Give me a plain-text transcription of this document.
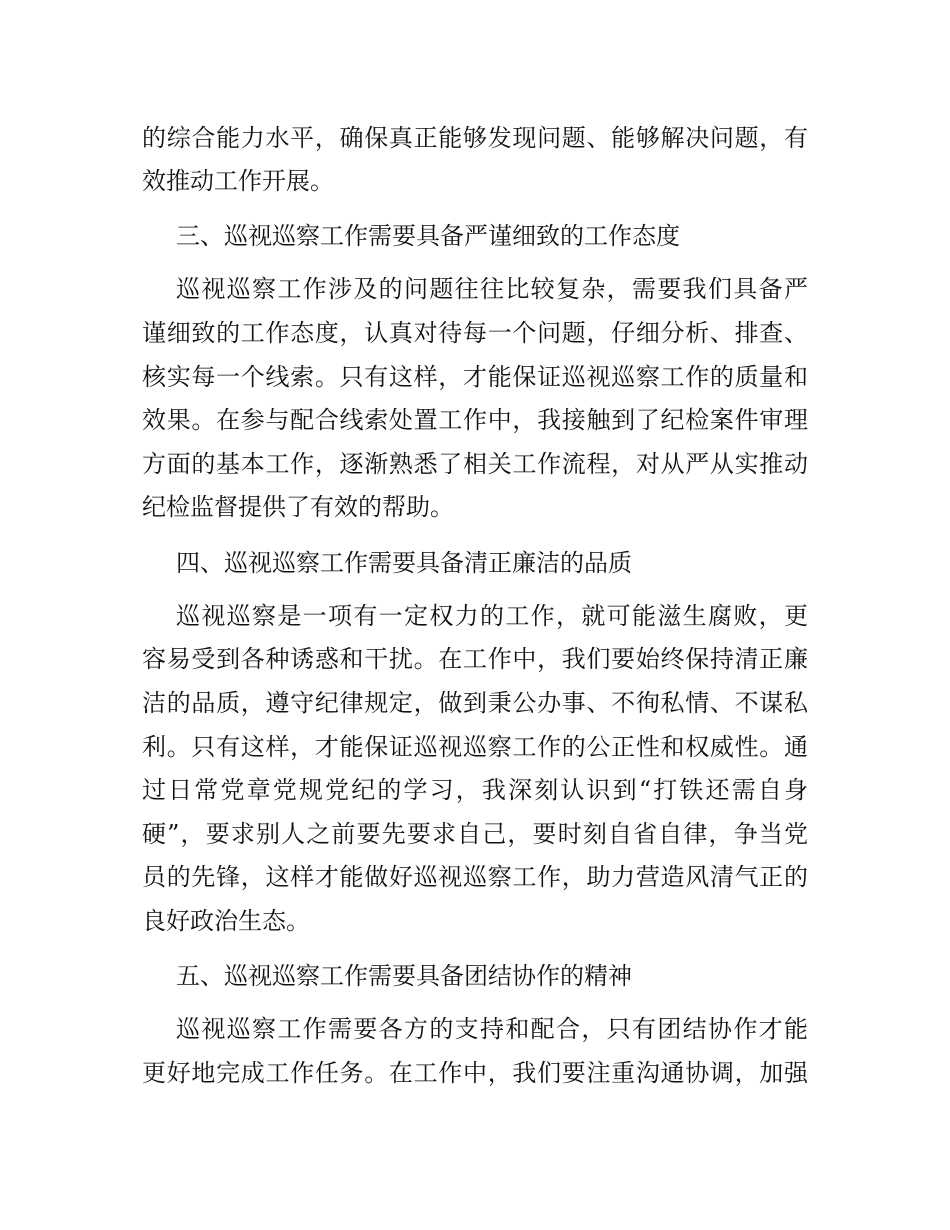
的综合能力水平，确保真正能够发现问题、能够解决问题，有
效推动工作开展。
三、巡视巡察工作需要具备严谨细致的工作态度
巡视巡察工作涉及的问题往往比较复杂，需要我们具备严
谨细致的工作态度，认真对待每一个问题，仔细分析、排查、
核实每一个线索。只有这样，才能保证巡视巡察工作的质量和
效果。在参与配合线索处置工作中，我接触到了纪检案件审理
方面的基本工作，逐渐熟悉了相关工作流程，对从严从实推动
纪检监督提供了有效的帮助。
四、巡视巡察工作需要具备清正廉洁的品质
巡视巡察是一项有一定权力的工作，就可能滋生腐败，更
容易受到各种诱惑和干扰。在工作中，我们要始终保持清正廉
洁的品质，遵守纪律规定，做到秉公办事、不徇私情、不谋私
利。只有这样，才能保证巡视巡察工作的公正性和权威性。通
过日常党章党规党纪的学习，我深刻认识到“打铁还需自身
硬”，要求别人之前要先要求自己，要时刻自省自律，争当党
员的先锋，这样才能做好巡视巡察工作，助力营造风清气正的
良好政治生态。
五、巡视巡察工作需要具备团结协作的精神
巡视巡察工作需要各方的支持和配合，只有团结协作才能
更好地完成工作任务。在工作中，我们要注重沟通协调，加强
